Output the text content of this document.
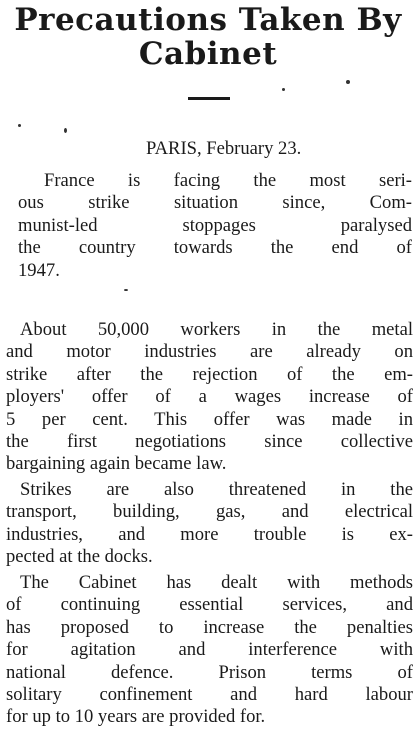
Precautions Taken By
Cabinet

PARIS, February 23.

France is facing the most seri-
ous strike situation since, Com-
munist-led stoppages paralysed
the country towards the end of
1947.
About 50,000 workers in the metal
and motor industries are already on
strike after the rejection of the em-
ployers' offer of a wages increase of
5 per cent. This offer was made in
the first negotiations since collective
bargaining again became law.
Strikes are also threatened in the
transport, building, gas, and electrical
industries, and more trouble is ex-
pected at the docks.
The Cabinet has dealt with methods
of continuing essential services, and
has proposed to increase the penalties
for agitation and interference with
national defence. Prison terms of
solitary confinement and hard labour
for up to 10 years are provided for.
